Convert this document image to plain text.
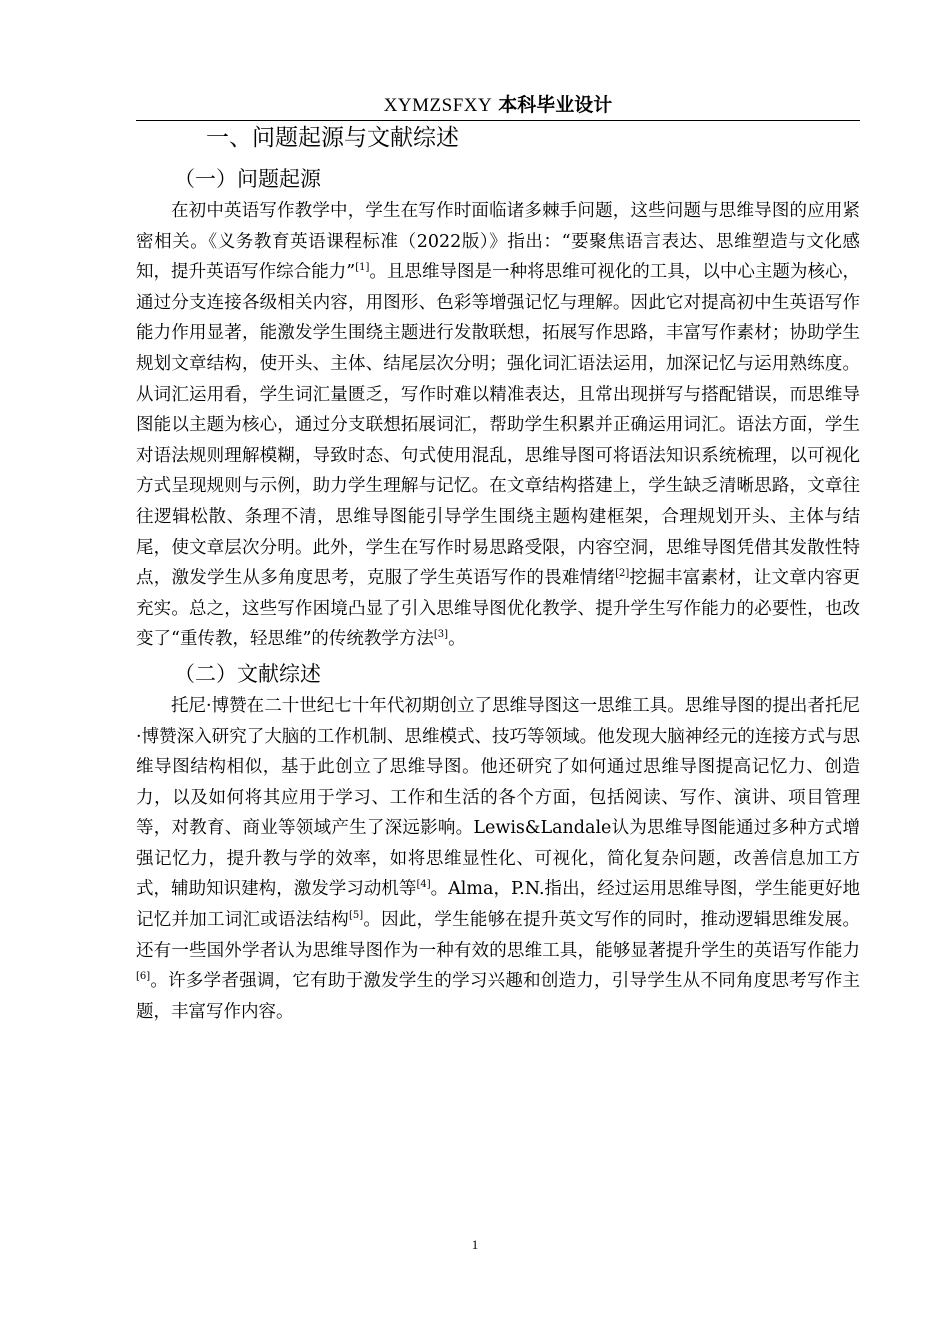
XYMZSFXY 本科毕业设计
一、问题起源与文献综述
（一）问题起源

在初中英语写作教学中，学生在写作时面临诸多棘手问题，这些问题与思维导图的应用紧密相关。《义务教育英语课程标准（2022版）》指出：“要聚焦语言表达、思维塑造与文化感知，提升英语写作综合能力”[1]。且思维导图是一种将思维可视化的工具，以中心主题为核心，通过分支连接各级相关内容，用图形、色彩等增强记忆与理解。因此它对提高初中生英语写作能力作用显著，能激发学生围绕主题进行发散联想，拓展写作思路，丰富写作素材；协助学生规划文章结构，使开头、主体、结尾层次分明；强化词汇语法运用，加深记忆与运用熟练度。从词汇运用看，学生词汇量匮乏，写作时难以精准表达，且常出现拼写与搭配错误，而思维导图能以主题为核心，通过分支联想拓展词汇，帮助学生积累并正确运用词汇。语法方面，学生对语法规则理解模糊，导致时态、句式使用混乱，思维导图可将语法知识系统梳理，以可视化方式呈现规则与示例，助力学生理解与记忆。在文章结构搭建上，学生缺乏清晰思路，文章往往逻辑松散、条理不清，思维导图能引导学生围绕主题构建框架，合理规划开头、主体与结尾，使文章层次分明。此外，学生在写作时易思路受限，内容空洞，思维导图凭借其发散性特点，激发学生从多角度思考，克服了学生英语写作的畏难情绪[2]挖掘丰富素材，让文章内容更充实。总之，这些写作困境凸显了引入思维导图优化教学、提升学生写作能力的必要性，也改变了“重传教，轻思维”的传统教学方法[3]。

（二）文献综述

托尼·博赞在二十世纪七十年代初期创立了思维导图这一思维工具。思维导图的提出者托尼·博赞深入研究了大脑的工作机制、思维模式、技巧等领域。他发现大脑神经元的连接方式与思维导图结构相似，基于此创立了思维导图。他还研究了如何通过思维导图提高记忆力、创造力，以及如何将其应用于学习、工作和生活的各个方面，包括阅读、写作、演讲、项目管理等，对教育、商业等领域产生了深远影响。Lewis&Landale认为思维导图能通过多种方式增强记忆力，提升教与学的效率，如将思维显性化、可视化，简化复杂问题，改善信息加工方式，辅助知识建构，激发学习动机等[4]。Alma，P.N.指出，经过运用思维导图，学生能更好地记忆并加工词汇或语法结构[5]。因此，学生能够在提升英文写作的同时，推动逻辑思维发展。还有一些国外学者认为思维导图作为一种有效的思维工具，能够显著提升学生的英语写作能力[6]。许多学者强调，它有助于激发学生的学习兴趣和创造力，引导学生从不同角度思考写作主题，丰富写作内容。

1
